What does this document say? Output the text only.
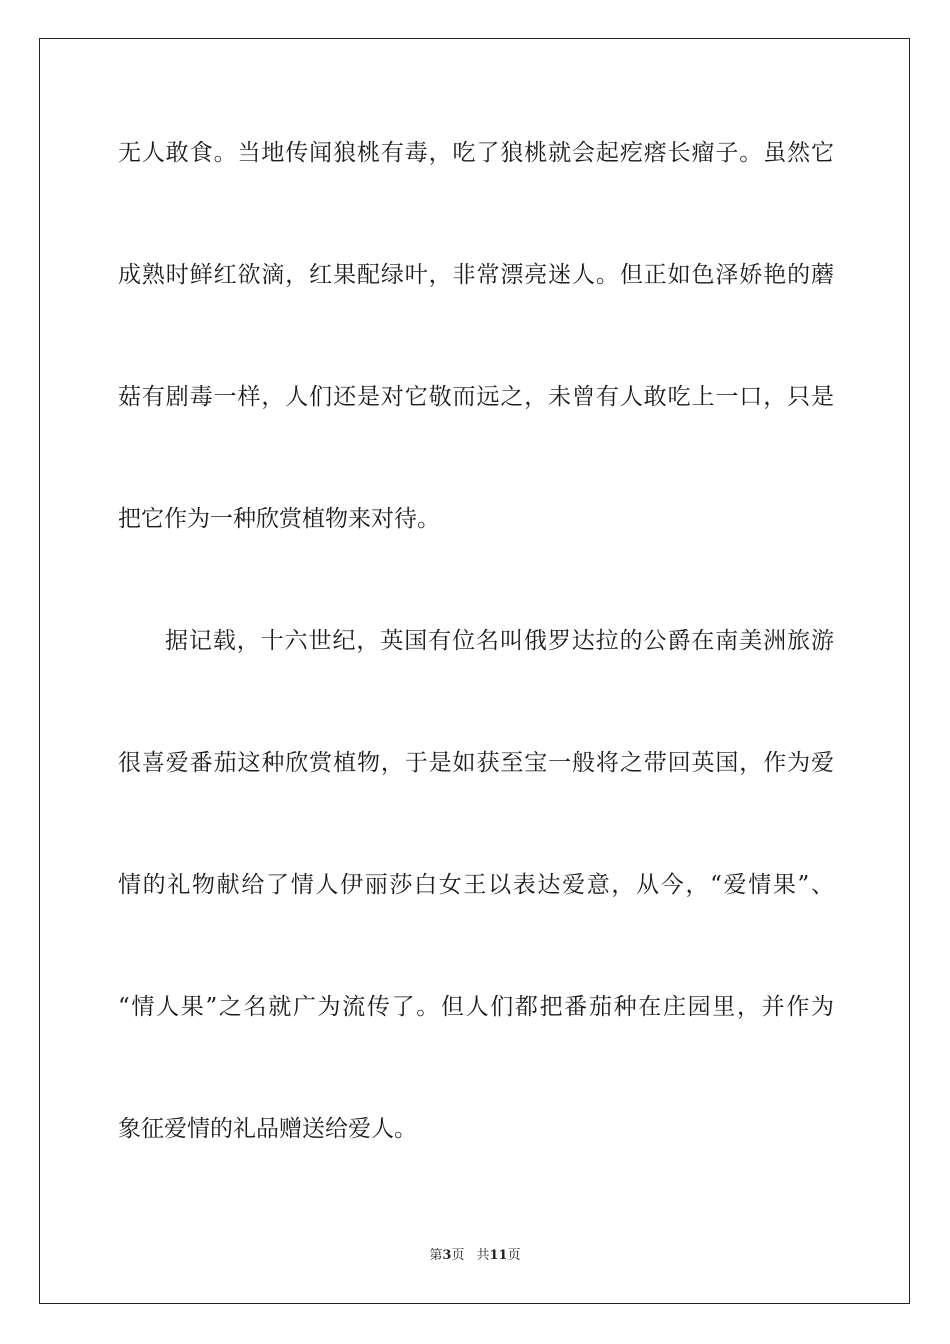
无人敢食。当地传闻狼桃有毒，吃了狼桃就会起疙瘩长瘤子。虽然它
成熟时鲜红欲滴，红果配绿叶，非常漂亮迷人。但正如色泽娇艳的蘑
菇有剧毒一样，人们还是对它敬而远之，未曾有人敢吃上一口，只是
把它作为一种欣赏植物来对待。
据记载，十六世纪，英国有位名叫俄罗达拉的公爵在南美洲旅游
很喜爱番茄这种欣赏植物，于是如获至宝一般将之带回英国，作为爱
情的礼物献给了情人伊丽莎白女王以表达爱意，从今，“爱情果”、
“情人果”之名就广为流传了。但人们都把番茄种在庄园里，并作为
象征爱情的礼品赠送给爱人。
第3页 共11页
